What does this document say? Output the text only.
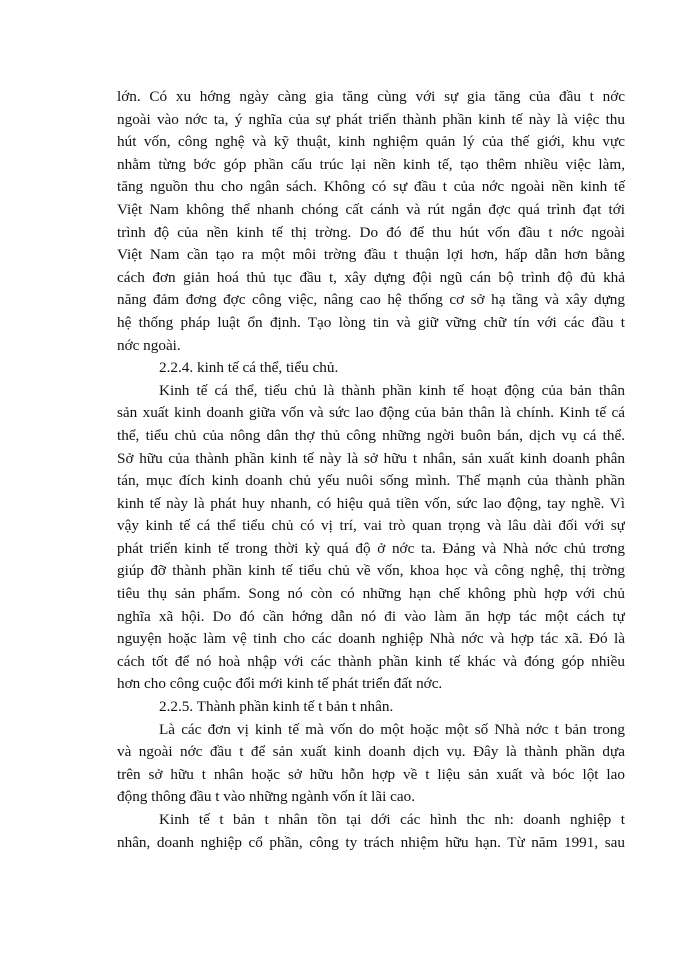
lớn. Có xu hớng ngày càng gia tăng cùng với sự gia tăng của đầu t nớc
ngoài vào nớc ta, ý nghĩa của sự phát triển thành phần kinh tế này là việc thu
hút vốn, công nghệ và kỹ thuật, kinh nghiệm quản lý của thế giới, khu vực
nhằm từng bớc góp phần cấu trúc lại nền kinh tế, tạo thêm nhiều việc làm,
tăng nguồn thu cho ngân sách. Không có sự đầu t của nớc ngoài nền kinh tế
Việt Nam không thể nhanh chóng cất cánh và rút ngắn đợc quá trình đạt tới
trình độ của nền kinh tế thị trờng. Do đó để thu hút vốn đầu t nớc ngoài
Việt Nam cần tạo ra một môi trờng đầu t thuận lợi hơn, hấp dẫn hơn bằng
cách đơn giản hoá thủ tục đầu t, xây dựng đội ngũ cán bộ trình độ đủ khả
năng đảm đơng đợc công việc, nâng cao hệ thống cơ sở hạ tầng và xây dựng
hệ thống pháp luật ổn định. Tạo lòng tin và giữ vững chữ tín với các đầu t
nớc ngoài.
2.2.4. kinh tế cá thể, tiểu chủ.
Kinh tế cá thể, tiểu chủ là thành phần kinh tế hoạt động của bản thân
sản xuất kinh doanh giữa vốn và sức lao động của bản thân là chính. Kinh tế cá
thể, tiểu chủ của nông dân thợ thủ công những ngời buôn bán, dịch vụ cá thể.
Sở hữu của thành phần kinh tế này là sở hữu t nhân, sản xuất kinh doanh phân
tán, mục đích kinh doanh chủ yếu nuôi sống mình. Thế mạnh của thành phần
kinh tế này là phát huy nhanh, có hiệu quả tiền vốn, sức lao động, tay nghề. Vì
vậy kinh tế cá thể tiểu chủ có vị trí, vai trò quan trọng và lâu dài đối với sự
phát triển kinh tế trong thời kỳ quá độ ở nớc ta. Đảng và Nhà nớc chủ trơng
giúp đỡ thành phần kinh tế tiểu chủ về vốn, khoa học và công nghệ, thị trờng
tiêu thụ sản phẩm. Song nó còn có những hạn chế không phù hợp với chủ
nghĩa xã hội. Do đó cần hớng dẫn nó đi vào làm ăn hợp tác một cách tự
nguyện hoặc làm vệ tinh cho các doanh nghiệp Nhà nớc và hợp tác xã. Đó là
cách tốt để nó hoà nhập với các thành phần kinh tế khác và đóng góp nhiều
hơn cho công cuộc đổi mới kinh tế phát triển đất nớc.
2.2.5. Thành phần kinh tế t bản t nhân.
Là các đơn vị kinh tế mà vốn do một hoặc một số Nhà nớc t bản trong
và ngoài nớc đầu t để sản xuất kinh doanh dịch vụ. Đây là thành phần dựa
trên sở hữu t nhân hoặc sở hữu hỗn hợp về t liệu sản xuất và bóc lột lao
động thông đầu t vào những ngành vốn ít lãi cao.
Kinh tế t bản t nhân tồn tại dới các hình thc nh: doanh nghiệp t
nhân, doanh nghiệp cổ phần, công ty trách nhiệm hữu hạn. Từ năm 1991, sau
